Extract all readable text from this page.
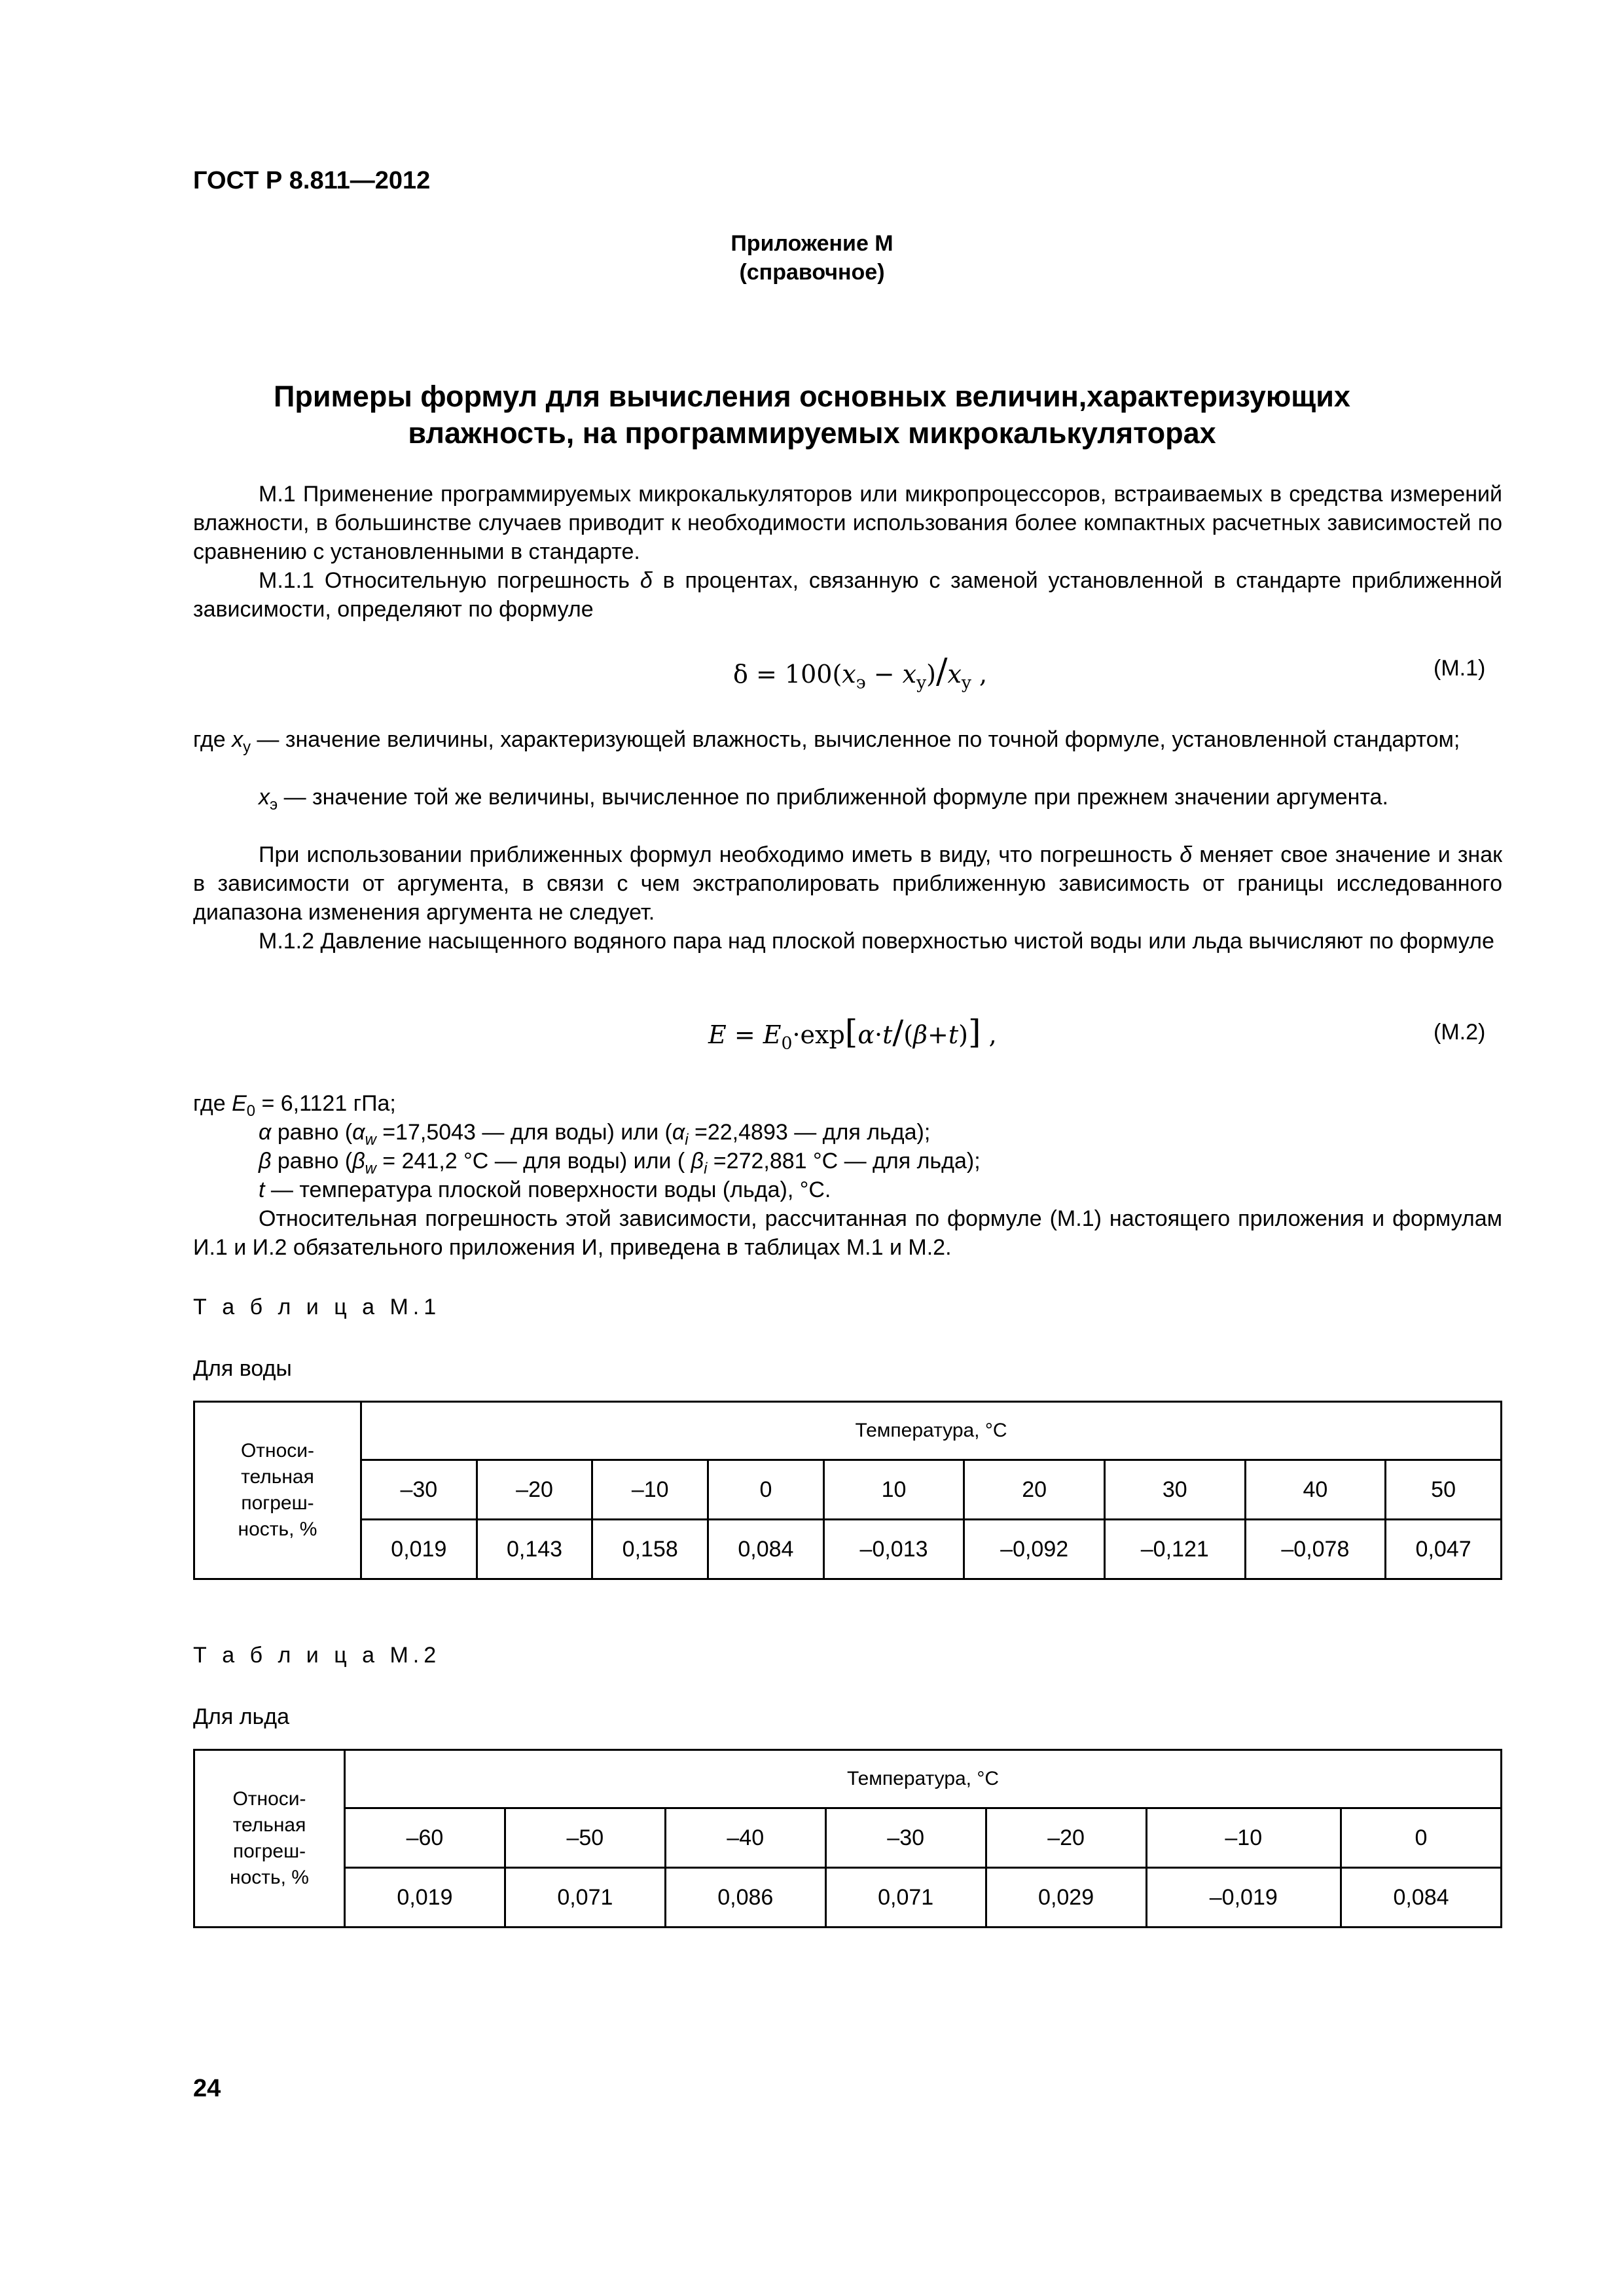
ГОСТ Р 8.811—2012
Приложение М
(справочное)
Примеры формул для вычисления основных величин,характеризующих
влажность, на программируемых микрокалькуляторах

М.1 Применение программируемых микрокалькуляторов или микропроцессоров, встраиваемых в средства измерений влажности, в большинстве случаев приводит к необходимости использования более компактных расчетных зависимостей по сравнению с установленными в стандарте.

М.1.1 Относительную погрешность δ в процентах, связанную с заменой установленной в стандарте приближенной зависимости, определяют по формуле

$\delta = 100(x_э - x_y)/x_y$ ,	(М.1)

где $x_y$ — значение величины, характеризующей влажность, вычисленное по точной формуле, установленной стандартом;

$x_э$ — значение той же величины, вычисленное по приближенной формуле при прежнем значении аргумента.

При использовании приближенных формул необходимо иметь в виду, что погрешность δ меняет свое значение и знак в зависимости от аргумента, в связи с чем экстраполировать приближенную зависимость от границы исследованного диапазона изменения аргумента не следует.

М.1.2 Давление насыщенного водяного пара над плоской поверхностью чистой воды или льда вычисляют по формуле

$E = E_0\cdot\exp[\alpha\cdot t/(\beta+t)]$ ,	(М.2)

где $E_0 = 6,1121$ гПа;

α равно ($\alpha_w =17,5043$ — для воды) или ($\alpha_i =22,4893$ — для льда);

β равно ($\beta_w = 241,2$ °C — для воды) или ( $\beta_i =272,881$ °C — для льда);

t — температура плоской поверхности воды (льда), °С.

Относительная погрешность этой зависимости, рассчитанная по формуле (М.1) настоящего приложения и формулам И.1 и И.2 обязательного приложения И, приведена в таблицах М.1 и М.2.

Т а б л и ц а М.1
Для воды
Относи-
тельная
погреш-
ность, %	Температура, °С								
	–30	–20	–10	0	10	20	30	40	50
	0,019	0,143	0,158	0,084	–0,013	–0,092	–0,121	–0,078	0,047
Т а б л и ц а М.2
Для льда
Относи-
тельная
погреш-
ность, %	Температура, °С						
	–60	–50	–40	–30	–20	–10	0
	0,019	0,071	0,086	0,071	0,029	–0,019	0,084
24
